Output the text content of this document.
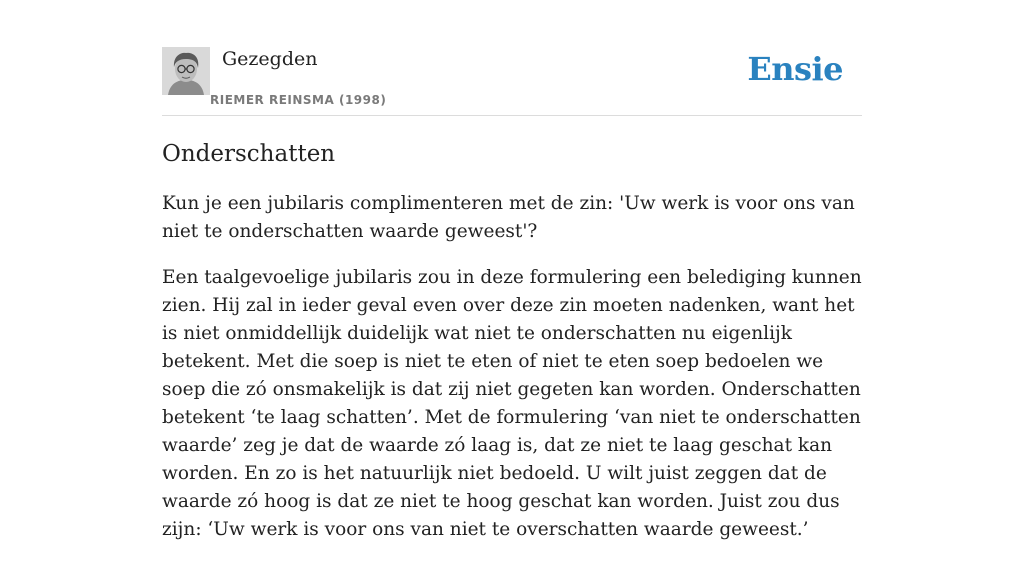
Gezegden
RIEMER REINSMA (1998)
Ensie
Onderschatten

Kun je een jubilaris complimenteren met de zin: 'Uw werk is voor ons van niet te onderschatten waarde geweest'?

Een taalgevoelige jubilaris zou in deze formulering een belediging kunnen zien. Hij zal in ieder geval even over deze zin moeten nadenken, want het is niet onmiddellijk duidelijk wat niet te onderschatten nu eigenlijk betekent. Met die soep is niet te eten of niet te eten soep bedoelen we soep die zó onsmakelijk is dat zij niet gegeten kan worden. Onderschatten betekent ‘te laag schatten’. Met de formulering ‘van niet te onderschatten waarde’ zeg je dat de waarde zó laag is, dat ze niet te laag geschat kan worden. En zo is het natuurlijk niet bedoeld. U wilt juist zeggen dat de waarde zó hoog is dat ze niet te hoog geschat kan worden. Juist zou dus zijn: ‘Uw werk is voor ons van niet te overschatten waarde geweest.’
